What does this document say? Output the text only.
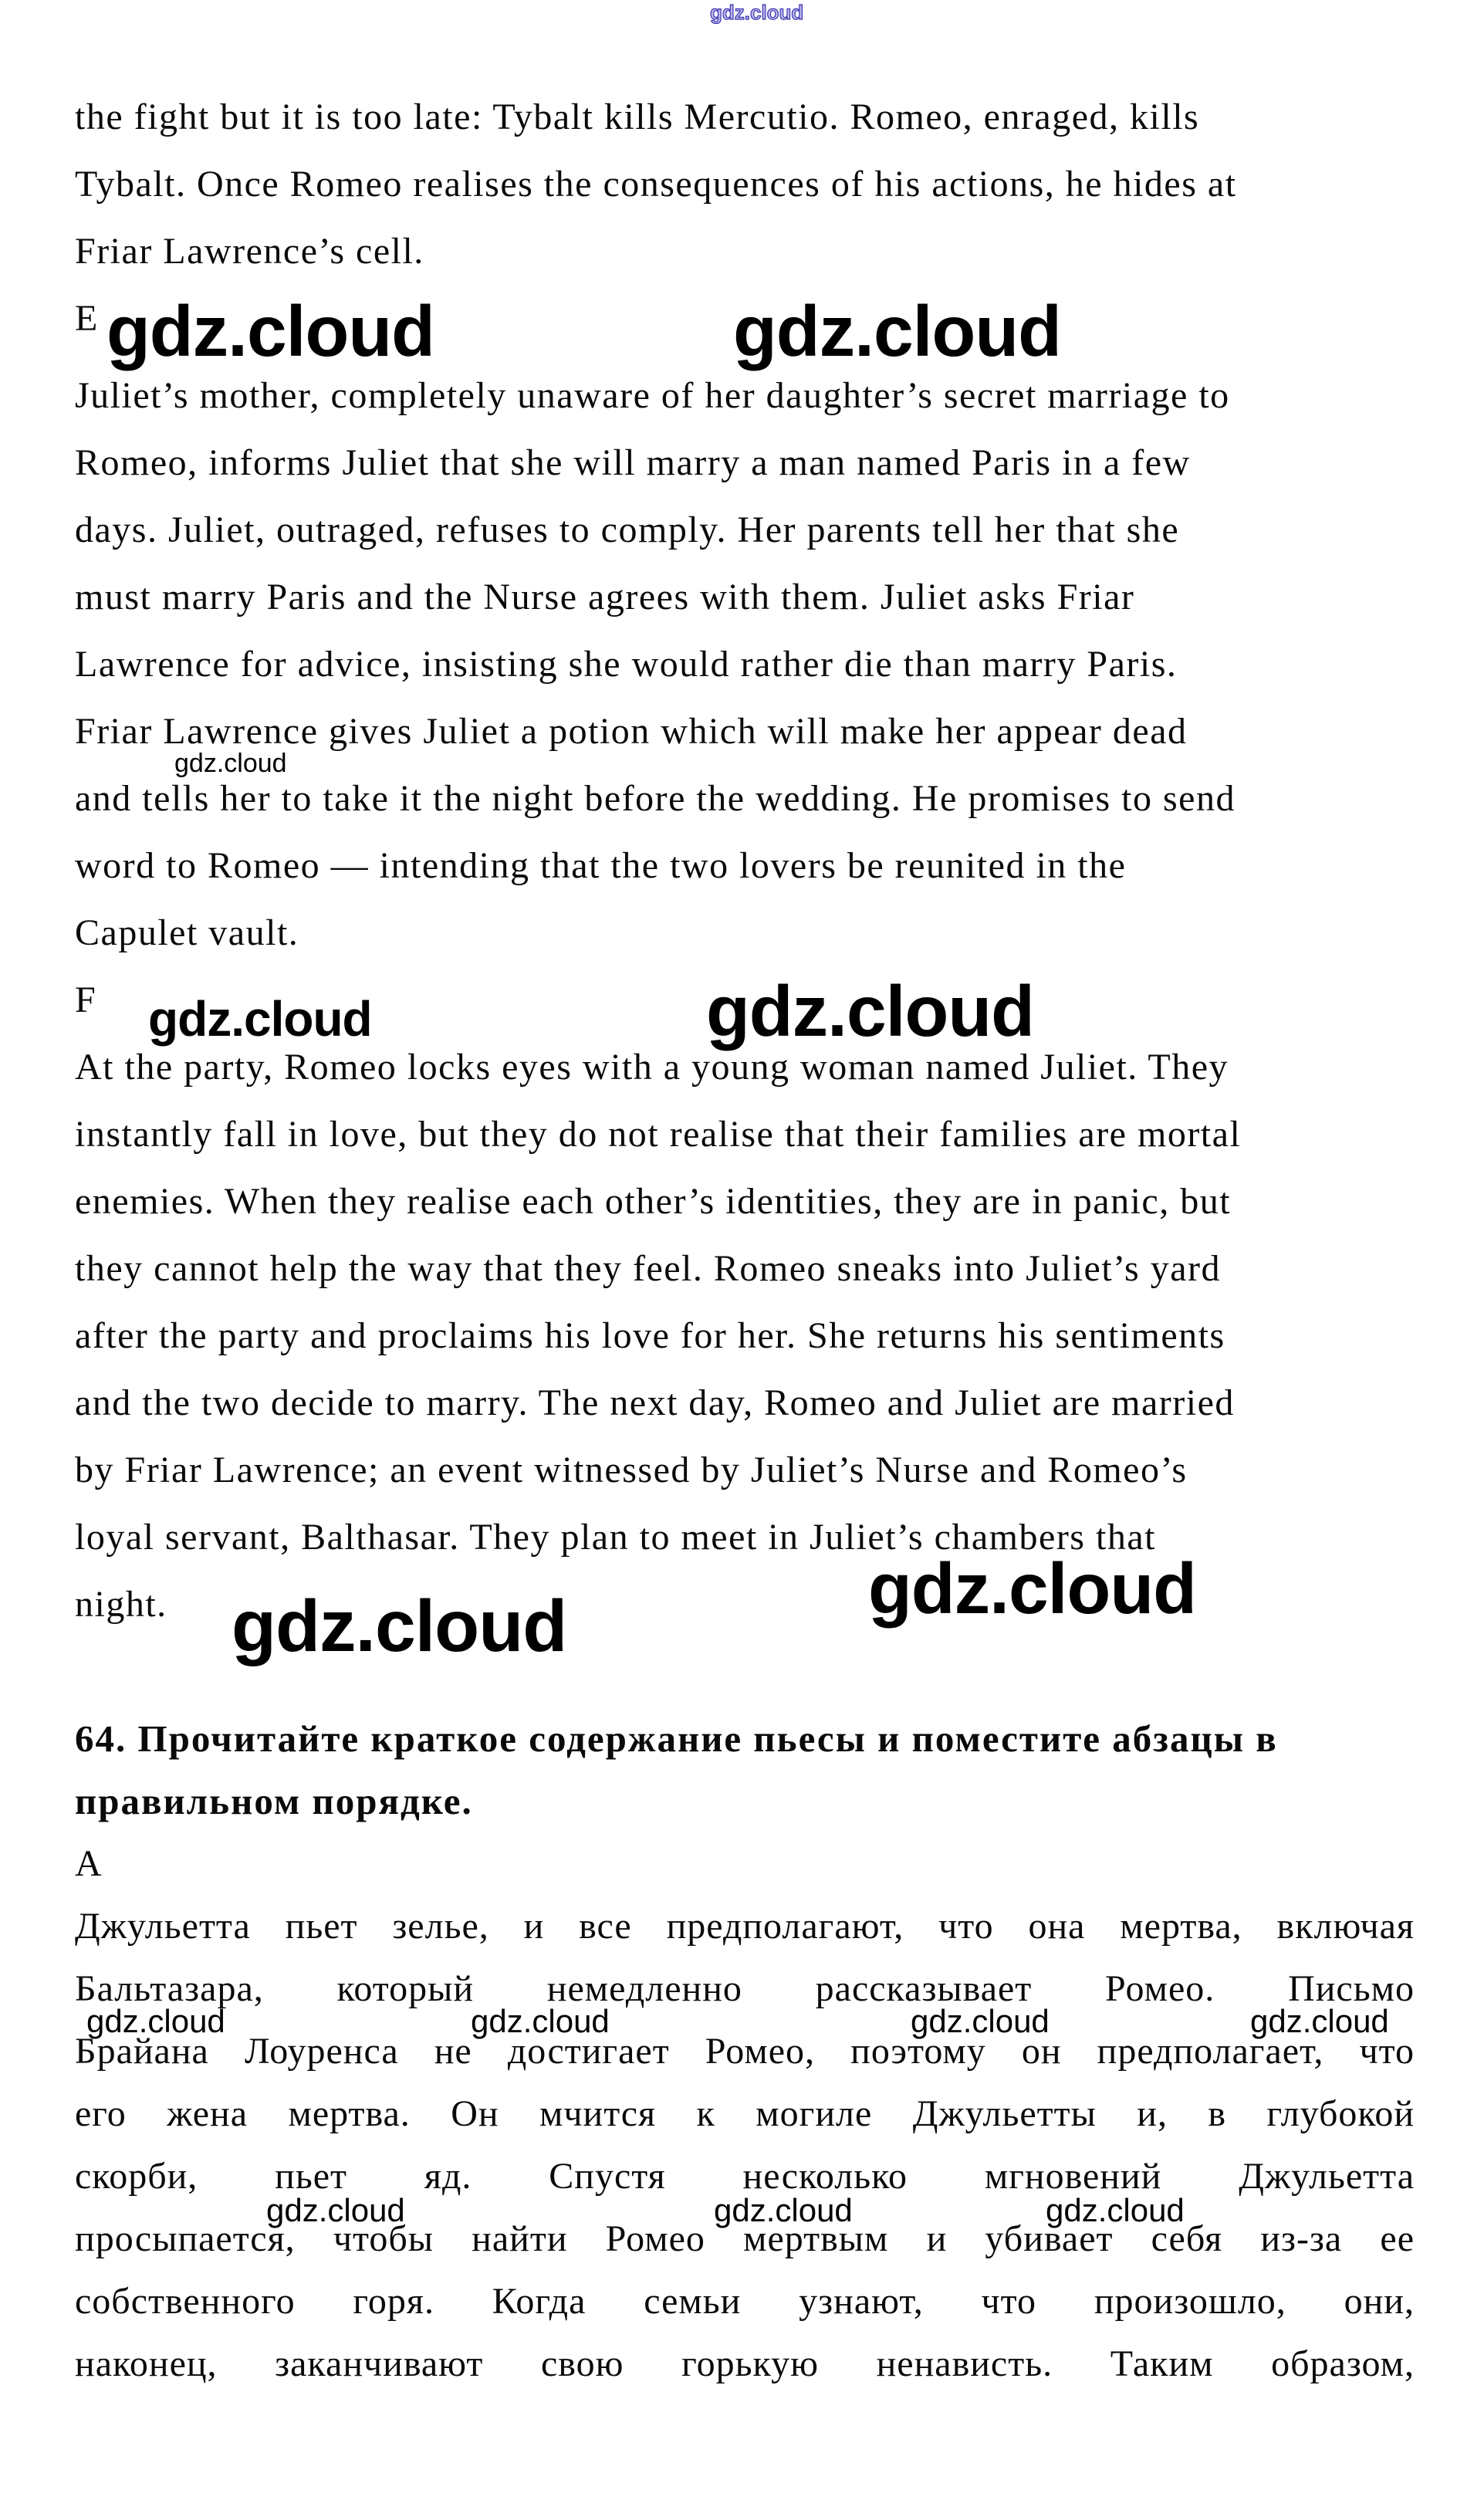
gdz.cloud
gdz.cloud	gdz.cloud
gdz.cloud
gdz.cloud	gdz.cloud
gdz.cloud	gdz.cloud
gdz.cloud	gdz.cloud	gdz.cloud	gdz.cloud
gdz.cloud	gdz.cloud	gdz.cloud
the fight but it is too late: Tybalt kills Mercutio. Romeo, enraged, kills
Tybalt. Once Romeo realises the consequences of his actions, he hides at
Friar Lawrence’s cell.
E
Juliet’s mother, completely unaware of her daughter’s secret marriage to
Romeo, informs Juliet that she will marry a man named Paris in a few
days. Juliet, outraged, refuses to comply. Her parents tell her that she
must marry Paris and the Nurse agrees with them. Juliet asks Friar
Lawrence for advice, insisting she would rather die than marry Paris.
Friar Lawrence gives Juliet a potion which will make her appear dead
and tells her to take it the night before the wedding. He promises to send
word to Romeo — intending that the two lovers be reunited in the
Capulet vault.
F
At the party, Romeo locks eyes with a young woman named Juliet. They
instantly fall in love, but they do not realise that their families are mortal
enemies. When they realise each other’s identities, they are in panic, but
they cannot help the way that they feel. Romeo sneaks into Juliet’s yard
after the party and proclaims his love for her. She returns his sentiments
and the two decide to marry. The next day, Romeo and Juliet are married
by Friar Lawrence; an event witnessed by Juliet’s Nurse and Romeo’s
loyal servant, Balthasar. They plan to meet in Juliet’s chambers that
night.
64. Прочитайте краткое содержание пьесы и поместите абзацы в
правильном порядке.
A
Джульетта пьет зелье, и все предполагают, что она мертва, включая
Бальтазара, который немедленно рассказывает Ромео. Письмо
Брайана Лоуренса не достигает Ромео, поэтому он предполагает, что
его жена мертва. Он мчится к могиле Джульетты и, в глубокой
скорби, пьет яд. Спустя несколько мгновений Джульетта
просыпается, чтобы найти Ромео мертвым и убивает себя из-за ее
собственного горя. Когда семьи узнают, что произошло, они,
наконец, заканчивают свою горькую ненависть. Таким образом,
